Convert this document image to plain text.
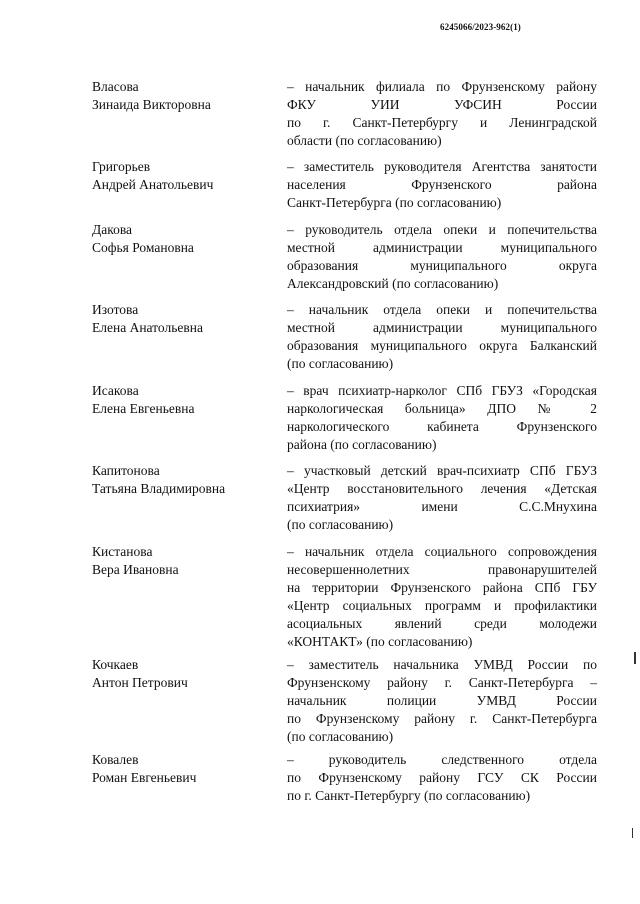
6245066/2023-962(1)
Власова
Зинаида Викторовна
– начальник филиала по Фрунзенскому району
ФКУ УИИ УФСИН России
по г. Санкт-Петербургу и Ленинградской
области (по согласованию)
Григорьев
Андрей Анатольевич
– заместитель руководителя Агентства занятости
населения Фрунзенского района
Санкт-Петербурга (по согласованию)
Дакова
Софья Романовна
– руководитель отдела опеки и попечительства
местной администрации муниципального
образования муниципального округа
Александровский (по согласованию)
Изотова
Елена Анатольевна
– начальник отдела опеки и попечительства
местной администрации муниципального
образования муниципального округа Балканский
(по согласованию)
Исакова
Елена Евгеньевна
– врач психиатр-нарколог СПб ГБУЗ «Городская
наркологическая больница» ДПО № 2
наркологического кабинета Фрунзенского
района (по согласованию)
Капитонова
Татьяна Владимировна
– участковый детский врач-психиатр СПб ГБУЗ
«Центр восстановительного лечения «Детская
психиатрия» имени С.С.Мнухина
(по согласованию)
Кистанова
Вера Ивановна
– начальник отдела социального сопровождения
несовершеннолетних правонарушителей
на территории Фрунзенского района СПб ГБУ
«Центр социальных программ и профилактики
асоциальных явлений среди молодежи
«КОНТАКТ» (по согласованию)
Кочкаев
Антон Петрович
– заместитель начальника УМВД России по
Фрунзенскому району г. Санкт-Петербурга –
начальник полиции УМВД России
по Фрунзенскому району г. Санкт-Петербурга
(по согласованию)
Ковалев
Роман Евгеньевич
– руководитель следственного отдела
по Фрунзенскому району ГСУ СК России
по г. Санкт-Петербургу (по согласованию)
